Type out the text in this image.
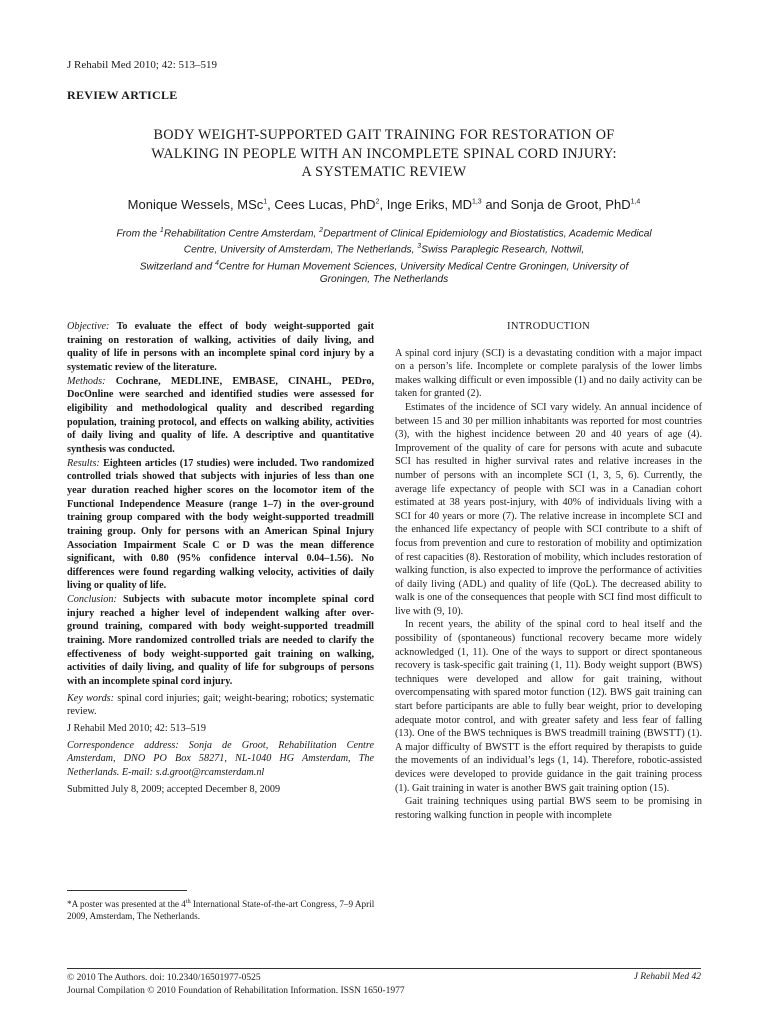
J Rehabil Med 2010; 42: 513–519
REVIEW ARTICLE
BODY WEIGHT-SUPPORTED GAIT TRAINING FOR RESTORATION OF
WALKING IN PEOPLE WITH AN INCOMPLETE SPINAL CORD INJURY:
A SYSTEMATIC REVIEW
Monique Wessels, MSc$^1$, Cees Lucas, PhD$^2$, Inge Eriks, MD$^{1,3}$ and Sonja de Groot, PhD$^{1,4}$
From the $^1$Rehabilitation Centre Amsterdam, $^2$Department of Clinical Epidemiology and Biostatistics, Academic Medical
Centre, University of Amsterdam, The Netherlands, $^3$Swiss Paraplegic Research, Nottwil,
Switzerland and $^4$Centre for Human Movement Sciences, University Medical Centre Groningen, University of
Groningen, The Netherlands

Objective: To evaluate the effect of body weight-supported gait training on restoration of walking, activities of daily living, and quality of life in persons with an incomplete spinal cord injury by a systematic review of the literature.

Methods: Cochrane, MEDLINE, EMBASE, CINAHL, PEDro, DocOnline were searched and identified studies were assessed for eligibility and methodological quality and described regarding population, training protocol, and effects on walking ability, activities of daily living and quality of life. A descriptive and quantitative synthesis was conducted.

Results: Eighteen articles (17 studies) were included. Two randomized controlled trials showed that subjects with injuries of less than one year duration reached higher scores on the locomotor item of the Functional Independence Measure (range 1–7) in the over-ground training group compared with the body weight-supported treadmill training group. Only for persons with an American Spinal Injury Association Impairment Scale C or D was the mean difference significant, with 0.80 (95% confidence interval 0.04–1.56). No differences were found regarding walking velocity, activities of daily living or quality of life.

Conclusion: Subjects with subacute motor incomplete spinal cord injury reached a higher level of independent walking after over-ground training, compared with body weight-supported treadmill training. More randomized controlled trials are needed to clarify the effectiveness of body weight-supported gait training on walking, activities of daily living, and quality of life for subgroups of persons with an incomplete spinal cord injury.

Key words: spinal cord injuries; gait; weight-bearing; robotics; systematic review.

J Rehabil Med 2010; 42: 513–519

Correspondence address: Sonja de Groot, Rehabilitation Centre Amsterdam, DNO PO Box 58271, NL-1040 HG Amsterdam, The Netherlands. E-mail: s.d.groot@rcamsterdam.nl

Submitted July 8, 2009; accepted December 8, 2009

*A poster was presented at the 4th International State-of-the-art Congress, 7–9 April 2009, Amsterdam, The Netherlands.
INTRODUCTION

A spinal cord injury (SCI) is a devastating condition with a major impact on a person’s life. Incomplete or complete paralysis of the lower limbs makes walking difficult or even impossible (1) and no daily activity can be taken for granted (2).

Estimates of the incidence of SCI vary widely. An annual incidence of between 15 and 30 per million inhabitants was reported for most countries (3), with the highest incidence between 20 and 40 years of age (4). Improvement of the quality of care for persons with acute and subacute SCI has resulted in higher survival rates and relative increases in the number of persons with an incomplete SCI (1, 3, 5, 6). Currently, the average life expectancy of people with SCI was in a Canadian cohort estimated at 38 years post-injury, with 40% of individuals living with a SCI for 40 years or more (7). The relative increase in incomplete SCI and the enhanced life expectancy of people with SCI contribute to a shift of focus from prevention and cure to restoration of mobility and optimization of rest capacities (8). Restoration of mobility, which includes restoration of walking function, is also expected to improve the performance of activities of daily living (ADL) and quality of life (QoL). The decreased ability to walk is one of the consequences that people with SCI find most difficult to live with (9, 10).

In recent years, the ability of the spinal cord to heal itself and the possibility of (spontaneous) functional recovery became more widely acknowledged (1, 11). One of the ways to support or direct spontaneous recovery is task-specific gait training (1, 11). Body weight support (BWS) techniques were developed and allow for gait training, without overcompensating with spared motor function (12). BWS gait training can start before participants are able to fully bear weight, prior to developing adequate motor control, and with greater safety and less fear of falling (13). One of the BWS techniques is BWS treadmill training (BWSTT) (1). A major difficulty of BWSTT is the effort required by therapists to guide the movements of an individual’s legs (1, 14). Therefore, robotic-assisted devices were developed to provide guidance in the gait training process (1). Gait training in water is another BWS gait training option (15).

Gait training techniques using partial BWS seem to be promising in restoring walking function in people with incomplete

© 2010 The Authors. doi: 10.2340/16501977-0525
Journal Compilation © 2010 Foundation of Rehabilitation Information. ISSN 1650-1977
J Rehabil Med 42
